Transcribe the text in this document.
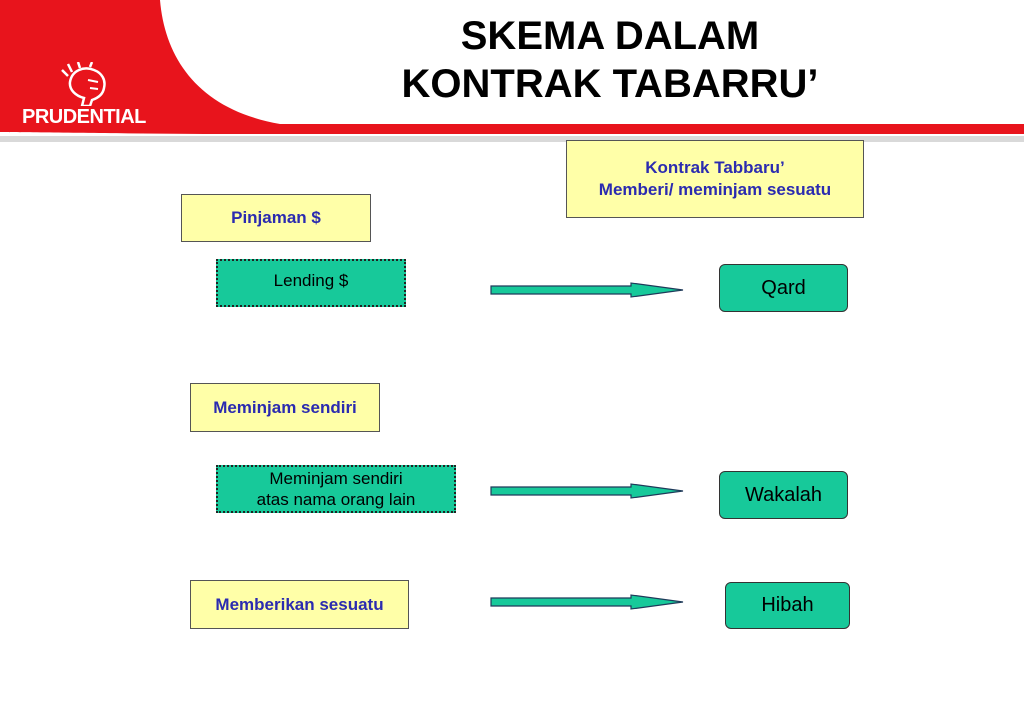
PRUDENTIAL
SKEMA DALAM
KONTRAK TABARRU’
Kontrak Tabbaru’
Memberi/ meminjam sesuatu
Pinjaman $
Lending $	Qard
Meminjam sendiri
Meminjam sendiri
atas nama orang lain	Wakalah
Memberikan sesuatu	Hibah
